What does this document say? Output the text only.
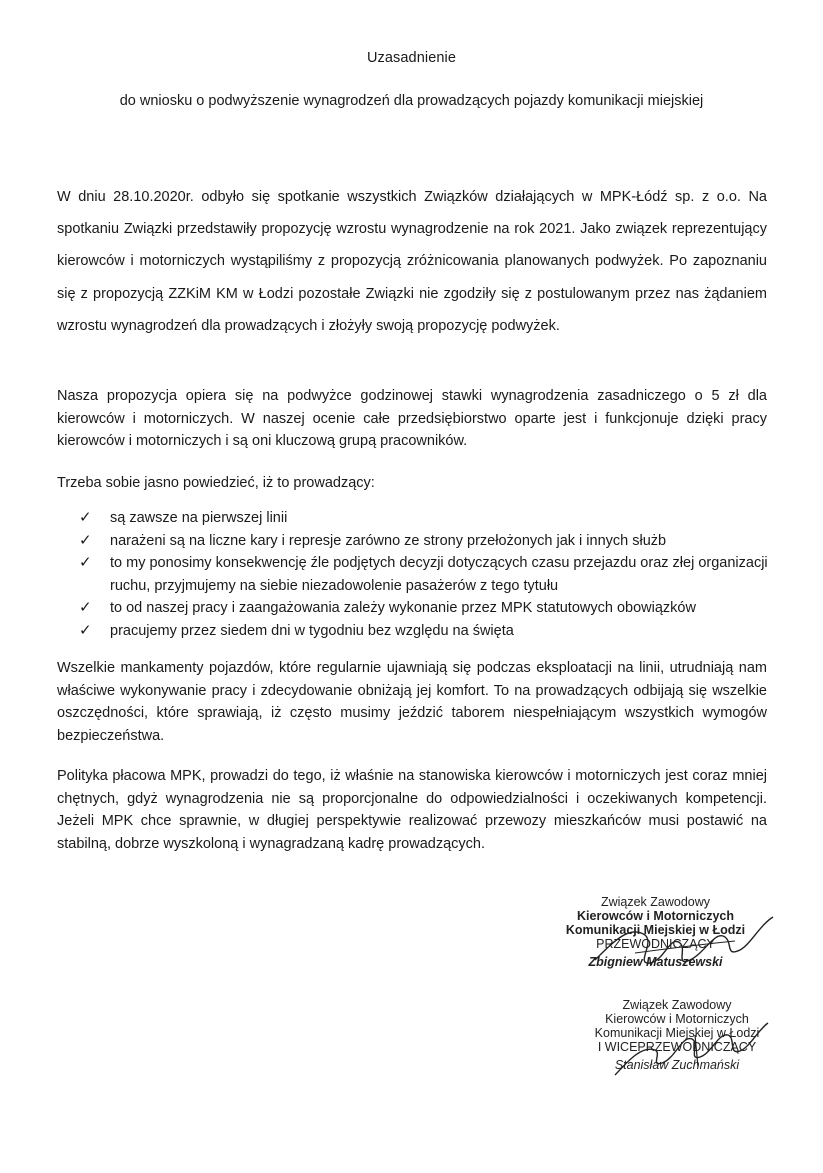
Uzasadnienie
do wniosku o podwyższenie wynagrodzeń dla prowadzących pojazdy komunikacji miejskiej
W dniu 28.10.2020r. odbyło się spotkanie wszystkich Związków działających w MPK-Łódź sp. z o.o. Na spotkaniu Związki przedstawiły propozycję wzrostu wynagrodzenie na rok 2021. Jako związek reprezentujący kierowców i motorniczych wystąpiliśmy z propozycją zróżnicowania planowanych podwyżek. Po zapoznaniu się z propozycją ZZKiM KM w Łodzi pozostałe Związki nie zgodziły się z postulowanym przez nas żądaniem wzrostu wynagrodzeń dla prowadzących i złożyły swoją propozycję podwyżek.
Nasza propozycja opiera się na podwyżce godzinowej stawki wynagrodzenia zasadniczego o 5 zł dla kierowców i motorniczych. W naszej ocenie całe przedsiębiorstwo oparte jest i funkcjonuje dzięki pracy kierowców i motorniczych i są oni kluczową grupą pracowników.
Trzeba sobie jasno powiedzieć, iż to prowadzący:
✓	są zawsze na pierwszej linii
✓	narażeni są na liczne kary i represje zarówno ze strony przełożonych jak i innych służb
✓	to my ponosimy konsekwencję źle podjętych decyzji dotyczących czasu przejazdu oraz złej organizacji ruchu, przyjmujemy na siebie niezadowolenie pasażerów z tego tytułu
✓	to od naszej pracy i zaangażowania zależy wykonanie przez MPK statutowych obowiązków
✓	pracujemy przez siedem dni w tygodniu bez względu na święta
Wszelkie mankamenty pojazdów, które regularnie ujawniają się podczas eksploatacji na linii, utrudniają nam właściwe wykonywanie pracy i zdecydowanie obniżają jej komfort. To na prowadzących odbijają się wszelkie oszczędności, które sprawiają, iż często musimy jeździć taborem niespełniającym wszystkich wymogów bezpieczeństwa.
Polityka płacowa MPK, prowadzi do tego, iż właśnie na stanowiska kierowców i motorniczych jest coraz mniej chętnych, gdyż wynagrodzenia nie są proporcjonalne do odpowiedzialności i oczekiwanych kompetencji. Jeżeli MPK chce sprawnie, w długiej perspektywie realizować przewozy mieszkańców musi postawić na stabilną, dobrze wyszkoloną i wynagradzaną kadrę prowadzących.
Związek Zawodowy
Kierowców i Motorniczych
Komunikacji Miejskiej w Łodzi
PRZEWODNICZĄCY
Zbigniew Matuszewski
Związek Zawodowy
Kierowców i Motorniczych
Komunikacji Miejskiej w Łodzi
I WICEPRZEWODNICZĄCY
Stanisław Zuchmański
